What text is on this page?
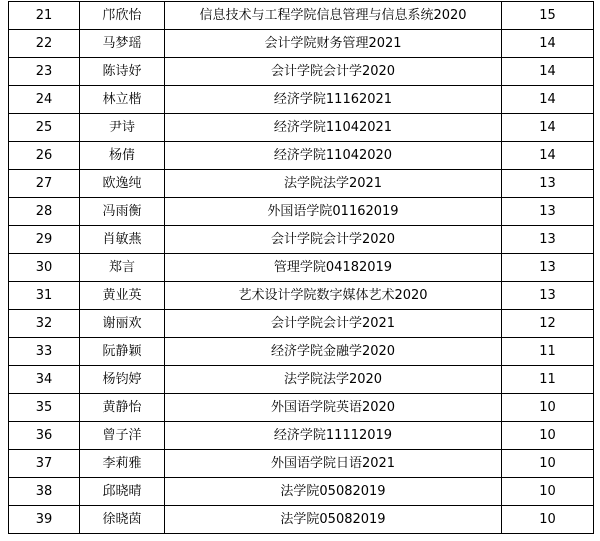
21	邝欣怡	信息技术与工程学院信息管理与信息系统2020	15
22	马梦瑶	会计学院财务管理2021	14
23	陈诗妤	会计学院会计学2020	14
24	林立楷	经济学院11162021	14
25	尹诗	经济学院11042021	14
26	杨倩	经济学院11042020	14
27	欧逸纯	法学院法学2021	13
28	冯雨衡	外国语学院01162019	13
29	肖敏燕	会计学院会计学2020	13
30	郑言	管理学院04182019	13
31	黄业英	艺术设计学院数字媒体艺术2020	13
32	谢丽欢	会计学院会计学2021	12
33	阮静颖	经济学院金融学2020	11
34	杨钧婷	法学院法学2020	11
35	黄静怡	外国语学院英语2020	10
36	曾子洋	经济学院11112019	10
37	李莉雅	外国语学院日语2021	10
38	邱晓晴	法学院05082019	10
39	徐晓茵	法学院05082019	10
